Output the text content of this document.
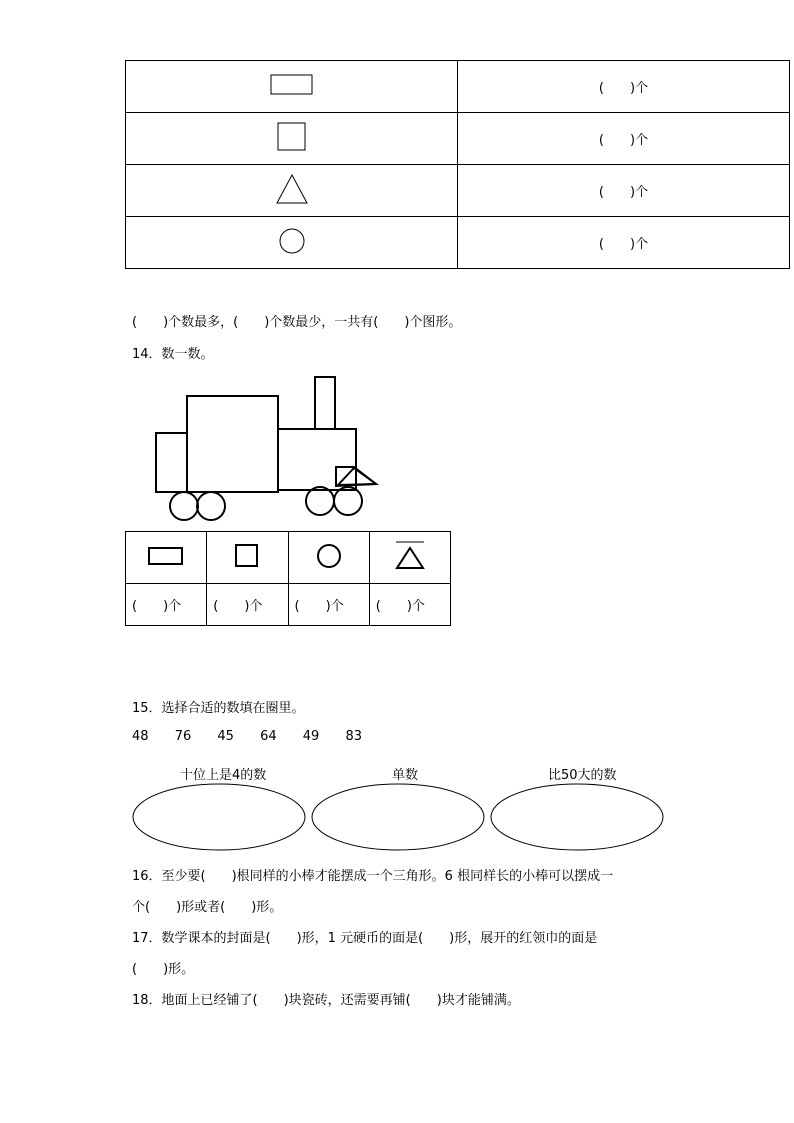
	(　　)个
	(　　)个
	(　　)个
	(　　)个
(　　)个数最多，(　　)个数最少，一共有(　　)个图形。
14．数一数。

(　　)个	(　　)个	(　　)个	(　　)个
15．选择合适的数填在圈里。
48 76 45 64 49 83
十位上是4的数	单数	比50大的数
16．至少要(　　)根同样的小棒才能摆成一个三角形。6 根同样长的小棒可以摆成一
个(　　)形或者(　　)形。
17．数学课本的封面是(　　)形，1 元硬币的面是(　　)形，展开的红领巾的面是
(　　)形。
18．地面上已经铺了(　　)块瓷砖，还需要再铺(　　)块才能铺满。
